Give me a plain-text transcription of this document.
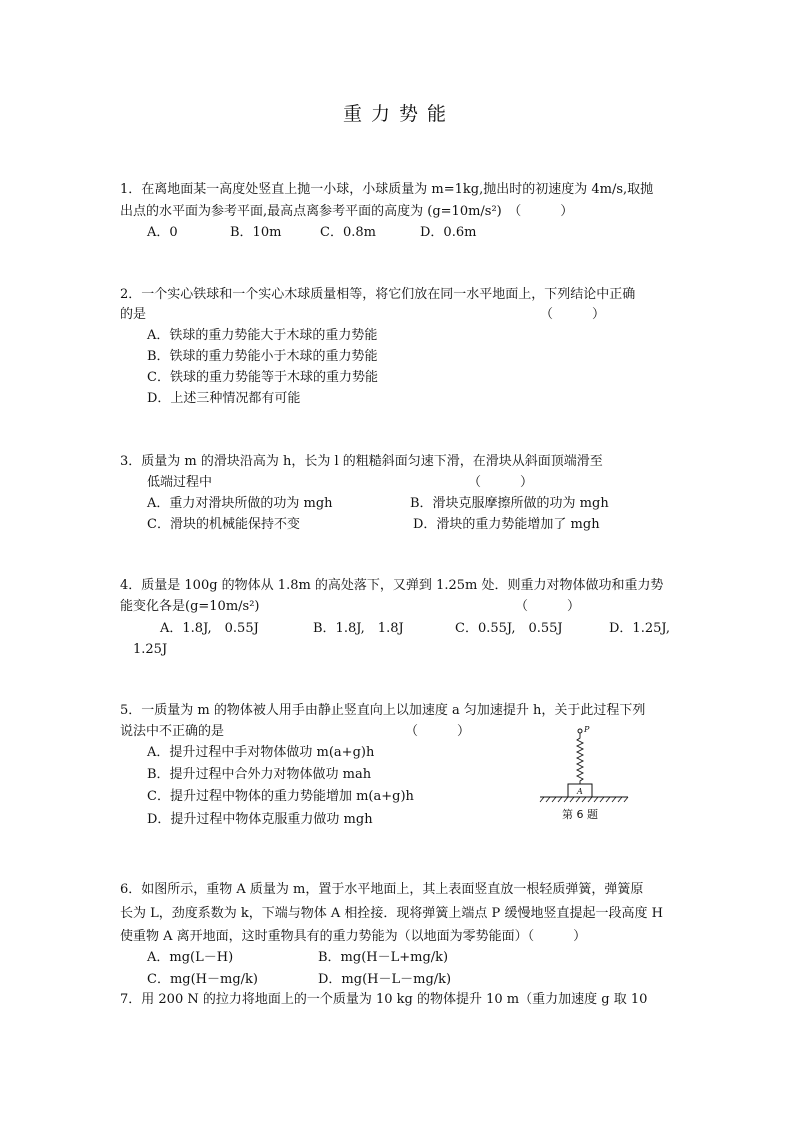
重力势能
1．在离地面某一高度处竖直上抛一小球，小球质量为 m=1kg,抛出时的初速度为 4m/s,取抛
出点的水平面为参考平面,最高点离参考平面的高度为 (g=10m/s²)　（　　　）
A．0	B．10m	C．0.8m	D．0.6m
2．一个实心铁球和一个实心木球质量相等，将它们放在同一水平地面上，下列结论中正确
的是	（　　　）
A．铁球的重力势能大于木球的重力势能
B．铁球的重力势能小于木球的重力势能
C．铁球的重力势能等于木球的重力势能
D．上述三种情况都有可能
3．质量为 m 的滑块沿高为 h，长为 l 的粗糙斜面匀速下滑，在滑块从斜面顶端滑至
低端过程中	（　　　）
A．重力对滑块所做的功为 mgh	B．滑块克服摩擦所做的功为 mgh
C．滑块的机械能保持不变	D．滑块的重力势能增加了 mgh
4．质量是 100g 的物体从 1.8m 的高处落下，又弹到 1.25m 处．则重力对物体做功和重力势
能变化各是(g=10m/s²)	（　　　）
A．1.8J,　0.55J	B．1.8J,　1.8J	C．0.55J,　0.55J	D．1.25J,
1.25J
5．一质量为 m 的物体被人用手由静止竖直向上以加速度 a 匀加速提升 h，关于此过程下列
说法中不正确的是	（　　　）
A．提升过程中手对物体做功 m(a+g)h
B．提升过程中合外力对物体做功 mah
C．提升过程中物体的重力势能增加 m(a+g)h
D．提升过程中物体克服重力做功 mgh
P
A
第 6 题
6．如图所示，重物 A 质量为 m，置于水平地面上，其上表面竖直放一根轻质弹簧，弹簧原
长为 L，劲度系数为 k，下端与物体 A 相拴接．现将弹簧上端点 P 缓慢地竖直提起一段高度 H
使重物 A 离开地面，这时重物具有的重力势能为（以地面为零势能面）（　　　）
A．mg(L－H)	B．mg(H－L+mg/k)
C．mg(H－mg/k)	D．mg(H－L－mg/k)
7．用 200 N 的拉力将地面上的一个质量为 10 kg 的物体提升 10 m（重力加速度 g 取 10
